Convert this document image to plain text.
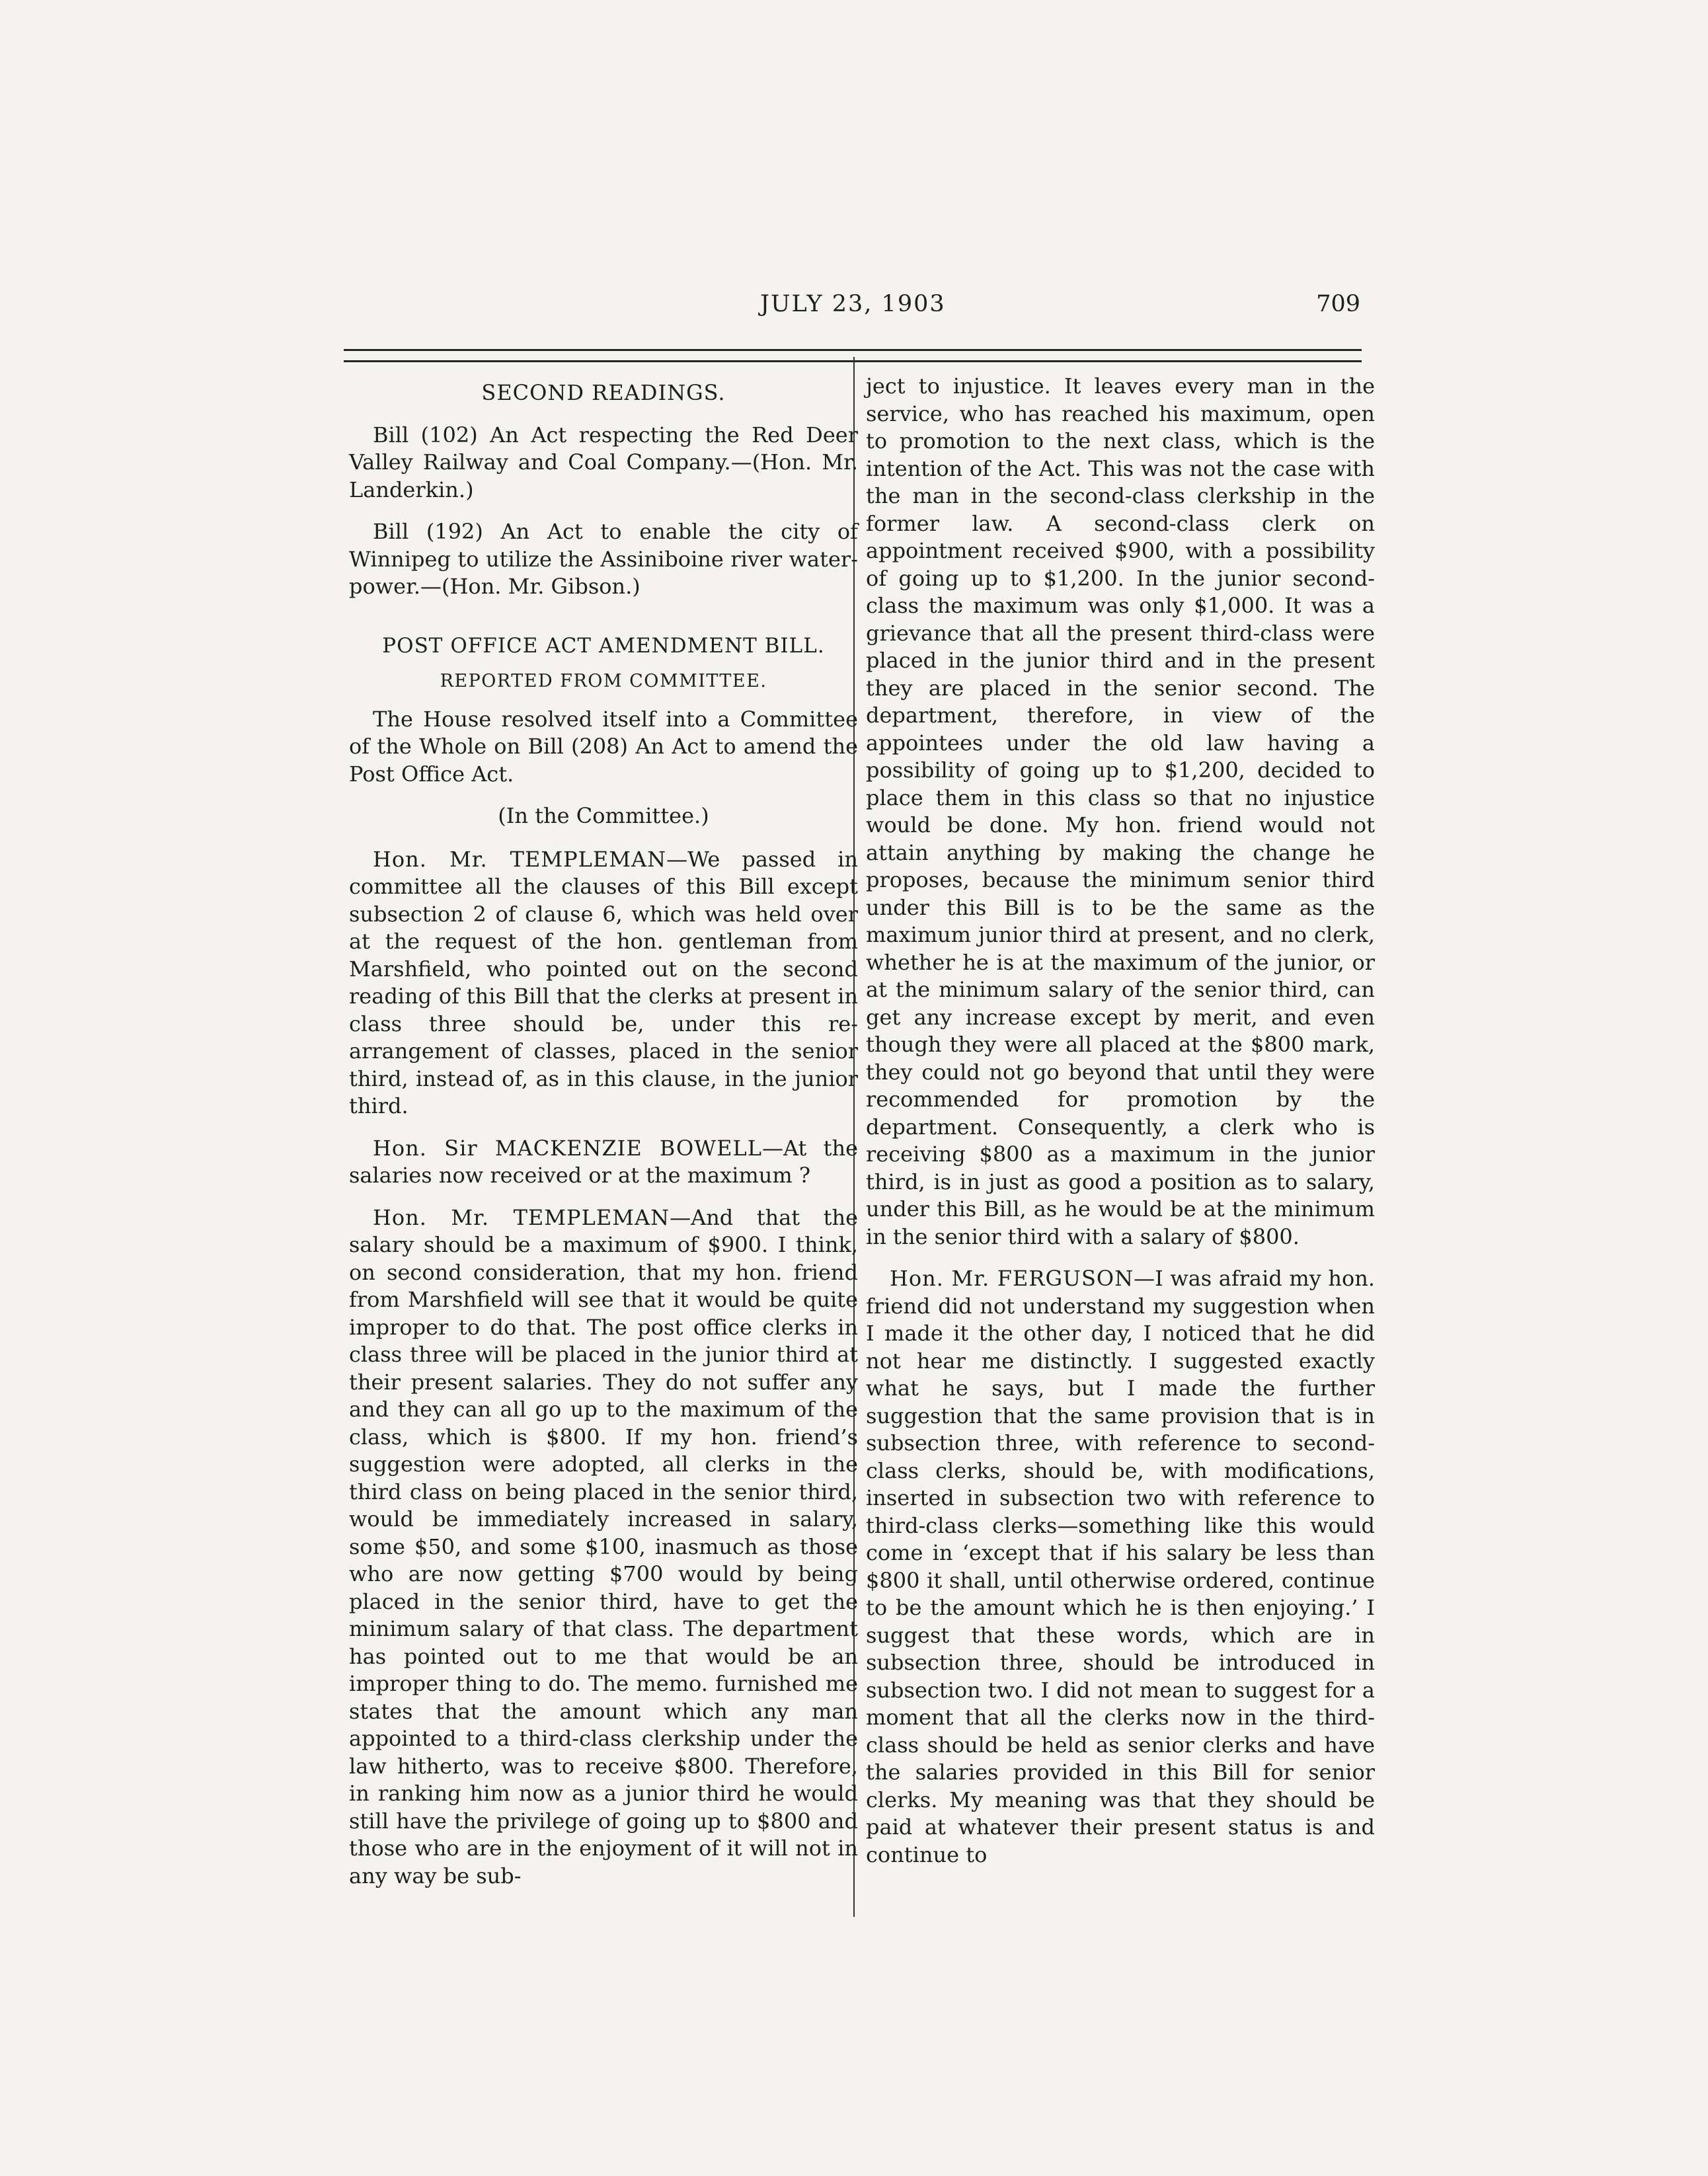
JULY 23, 1903	709
SECOND READINGS.

Bill (102) An Act respecting the Red Deer Valley Railway and Coal Company.—(Hon. Mr. Landerkin.)

Bill (192) An Act to enable the city of Winnipeg to utilize the Assiniboine river water-power.—(Hon. Mr. Gibson.)

POST OFFICE ACT AMENDMENT BILL.
REPORTED FROM COMMITTEE.

The House resolved itself into a Committee of the Whole on Bill (208) An Act to amend the Post Office Act.

(In the Committee.)

Hon. Mr. TEMPLEMAN—We passed in committee all the clauses of this Bill except subsection 2 of clause 6, which was held over at the request of the hon. gentleman from Marshfield, who pointed out on the second reading of this Bill that the clerks at present in class three should be, under this re-arrangement of classes, placed in the senior third, instead of, as in this clause, in the junior third.

Hon. Sir MACKENZIE BOWELL—At the salaries now received or at the maximum ?

Hon. Mr. TEMPLEMAN—And that the salary should be a maximum of $900. I think, on second consideration, that my hon. friend from Marshfield will see that it would be quite improper to do that. The post office clerks in class three will be placed in the junior third at their present salaries. They do not suffer any and they can all go up to the maximum of the class, which is $800. If my hon. friend’s suggestion were adopted, all clerks in the third class on being placed in the senior third, would be immediately increased in salary, some $50, and some $100, inasmuch as those who are now getting $700 would by being placed in the senior third, have to get the minimum salary of that class. The department has pointed out to me that would be an improper thing to do. The memo. furnished me states that the amount which any man appointed to a third-class clerkship under the law hitherto, was to receive $800. Therefore, in ranking him now as a junior third he would still have the privilege of going up to $800 and those who are in the enjoyment of it will not in any way be sub-

ject to injustice. It leaves every man in the service, who has reached his maximum, open to promotion to the next class, which is the intention of the Act. This was not the case with the man in the second-class clerkship in the former law. A second-class clerk on appointment received $900, with a possibility of going up to $1,200. In the junior second-class the maximum was only $1,000. It was a grievance that all the present third-class were placed in the junior third and in the present they are placed in the senior second. The department, therefore, in view of the appointees under the old law having a possibility of going up to $1,200, decided to place them in this class so that no injustice would be done. My hon. friend would not attain anything by making the change he proposes, because the minimum senior third under this Bill is to be the same as the maximum junior third at present, and no clerk, whether he is at the maximum of the junior, or at the minimum salary of the senior third, can get any increase except by merit, and even though they were all placed at the $800 mark, they could not go beyond that until they were recommended for promotion by the department. Consequently, a clerk who is receiving $800 as a maximum in the junior third, is in just as good a position as to salary, under this Bill, as he would be at the minimum in the senior third with a salary of $800.

Hon. Mr. FERGUSON—I was afraid my hon. friend did not understand my suggestion when I made it the other day, I noticed that he did not hear me distinctly. I suggested exactly what he says, but I made the further suggestion that the same provision that is in subsection three, with reference to second-class clerks, should be, with modifications, inserted in subsection two with reference to third-class clerks—something like this would come in ‘except that if his salary be less than $800 it shall, until otherwise ordered, continue to be the amount which he is then enjoying.’ I suggest that these words, which are in subsection three, should be introduced in subsection two. I did not mean to suggest for a moment that all the clerks now in the third-class should be held as senior clerks and have the salaries provided in this Bill for senior clerks. My meaning was that they should be paid at whatever their present status is and continue to
